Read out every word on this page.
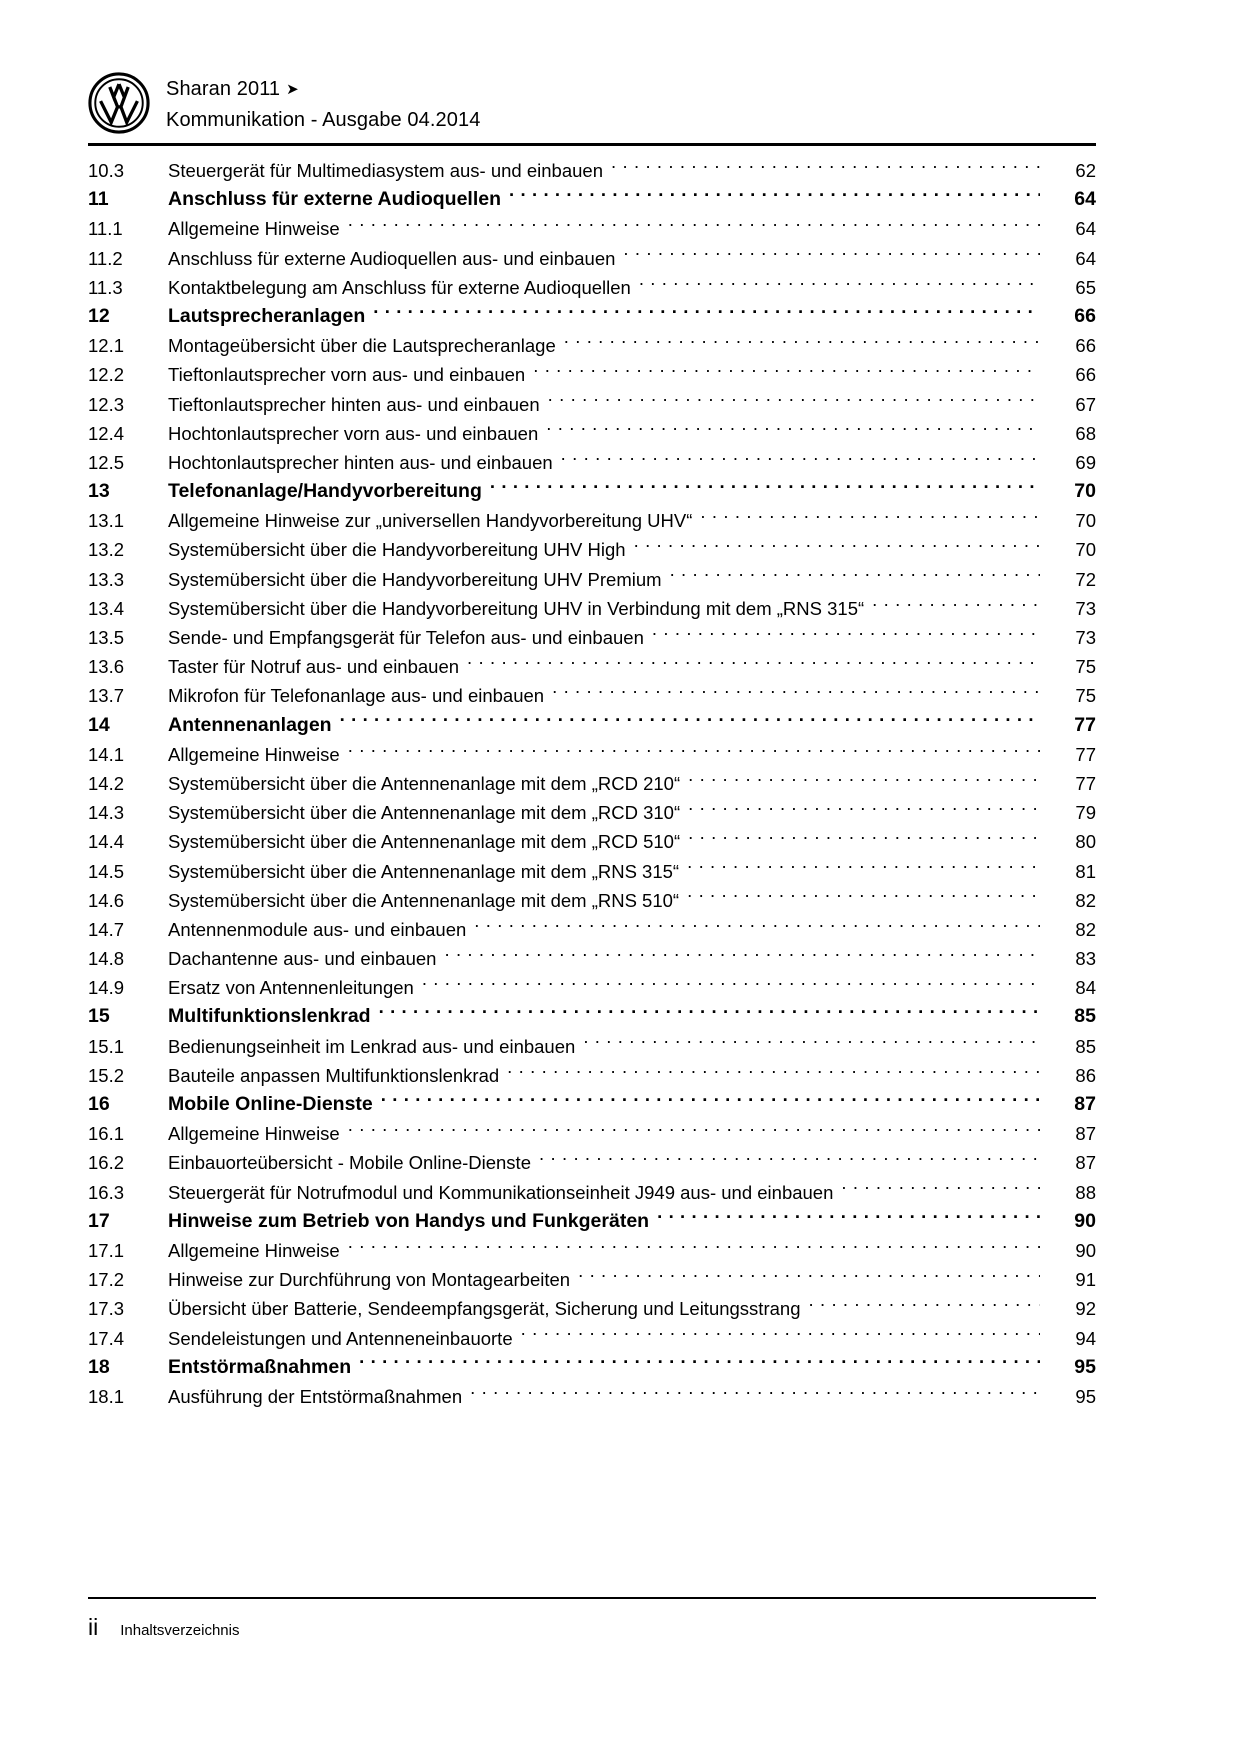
Sharan 2011 ➤
Kommunikation - Ausgabe 04.2014
10.3	Steuergerät für Multimediasystem aus- und einbauen . . .	62
11	Anschluss für externe Audioquellen . . .	64
11.1	Allgemeine Hinweise . . .	64
11.2	Anschluss für externe Audioquellen aus- und einbauen . . .	64
11.3	Kontaktbelegung am Anschluss für externe Audioquellen . . .	65
12	Lautsprecheranlagen . . .	66
12.1	Montageübersicht über die Lautsprecheranlage . . .	66
12.2	Tieftonlautsprecher vorn aus- und einbauen . . .	66
12.3	Tieftonlautsprecher hinten aus- und einbauen . . .	67
12.4	Hochtonlautsprecher vorn aus- und einbauen . . .	68
12.5	Hochtonlautsprecher hinten aus- und einbauen . . .	69
13	Telefonanlage/Handyvorbereitung . . .	70
13.1	Allgemeine Hinweise zur „universellen Handyvorbereitung UHV“ . . .	70
13.2	Systemübersicht über die Handyvorbereitung UHV High . . .	70
13.3	Systemübersicht über die Handyvorbereitung UHV Premium . . .	72
13.4	Systemübersicht über die Handyvorbereitung UHV in Verbindung mit dem „RNS 315“ . . .	73
13.5	Sende- und Empfangsgerät für Telefon aus- und einbauen . . .	73
13.6	Taster für Notruf aus- und einbauen . . .	75
13.7	Mikrofon für Telefonanlage aus- und einbauen . . .	75
14	Antennenanlagen . . .	77
14.1	Allgemeine Hinweise . . .	77
14.2	Systemübersicht über die Antennenanlage mit dem „RCD 210“ . . .	77
14.3	Systemübersicht über die Antennenanlage mit dem „RCD 310“ . . .	79
14.4	Systemübersicht über die Antennenanlage mit dem „RCD 510“ . . .	80
14.5	Systemübersicht über die Antennenanlage mit dem „RNS 315“ . . .	81
14.6	Systemübersicht über die Antennenanlage mit dem „RNS 510“ . . .	82
14.7	Antennenmodule aus- und einbauen . . .	82
14.8	Dachantenne aus- und einbauen . . .	83
14.9	Ersatz von Antennenleitungen . . .	84
15	Multifunktionslenkrad . . .	85
15.1	Bedienungseinheit im Lenkrad aus- und einbauen . . .	85
15.2	Bauteile anpassen Multifunktionslenkrad . . .	86
16	Mobile Online-Dienste . . .	87
16.1	Allgemeine Hinweise . . .	87
16.2	Einbauorteübersicht - Mobile Online-Dienste . . .	87
16.3	Steuergerät für Notrufmodul und Kommunikationseinheit J949 aus- und einbauen . . .	88
17	Hinweise zum Betrieb von Handys und Funkgeräten . . .	90
17.1	Allgemeine Hinweise . . .	90
17.2	Hinweise zur Durchführung von Montagearbeiten . . .	91
17.3	Übersicht über Batterie, Sendeempfangsgerät, Sicherung und Leitungsstrang . . .	92
17.4	Sendeleistungen und Antenneneinbauorte . . .	94
18	Entstörmaßnahmen . . .	95
18.1	Ausführung der Entstörmaßnahmen . . .	95
ii	Inhaltsverzeichnis
